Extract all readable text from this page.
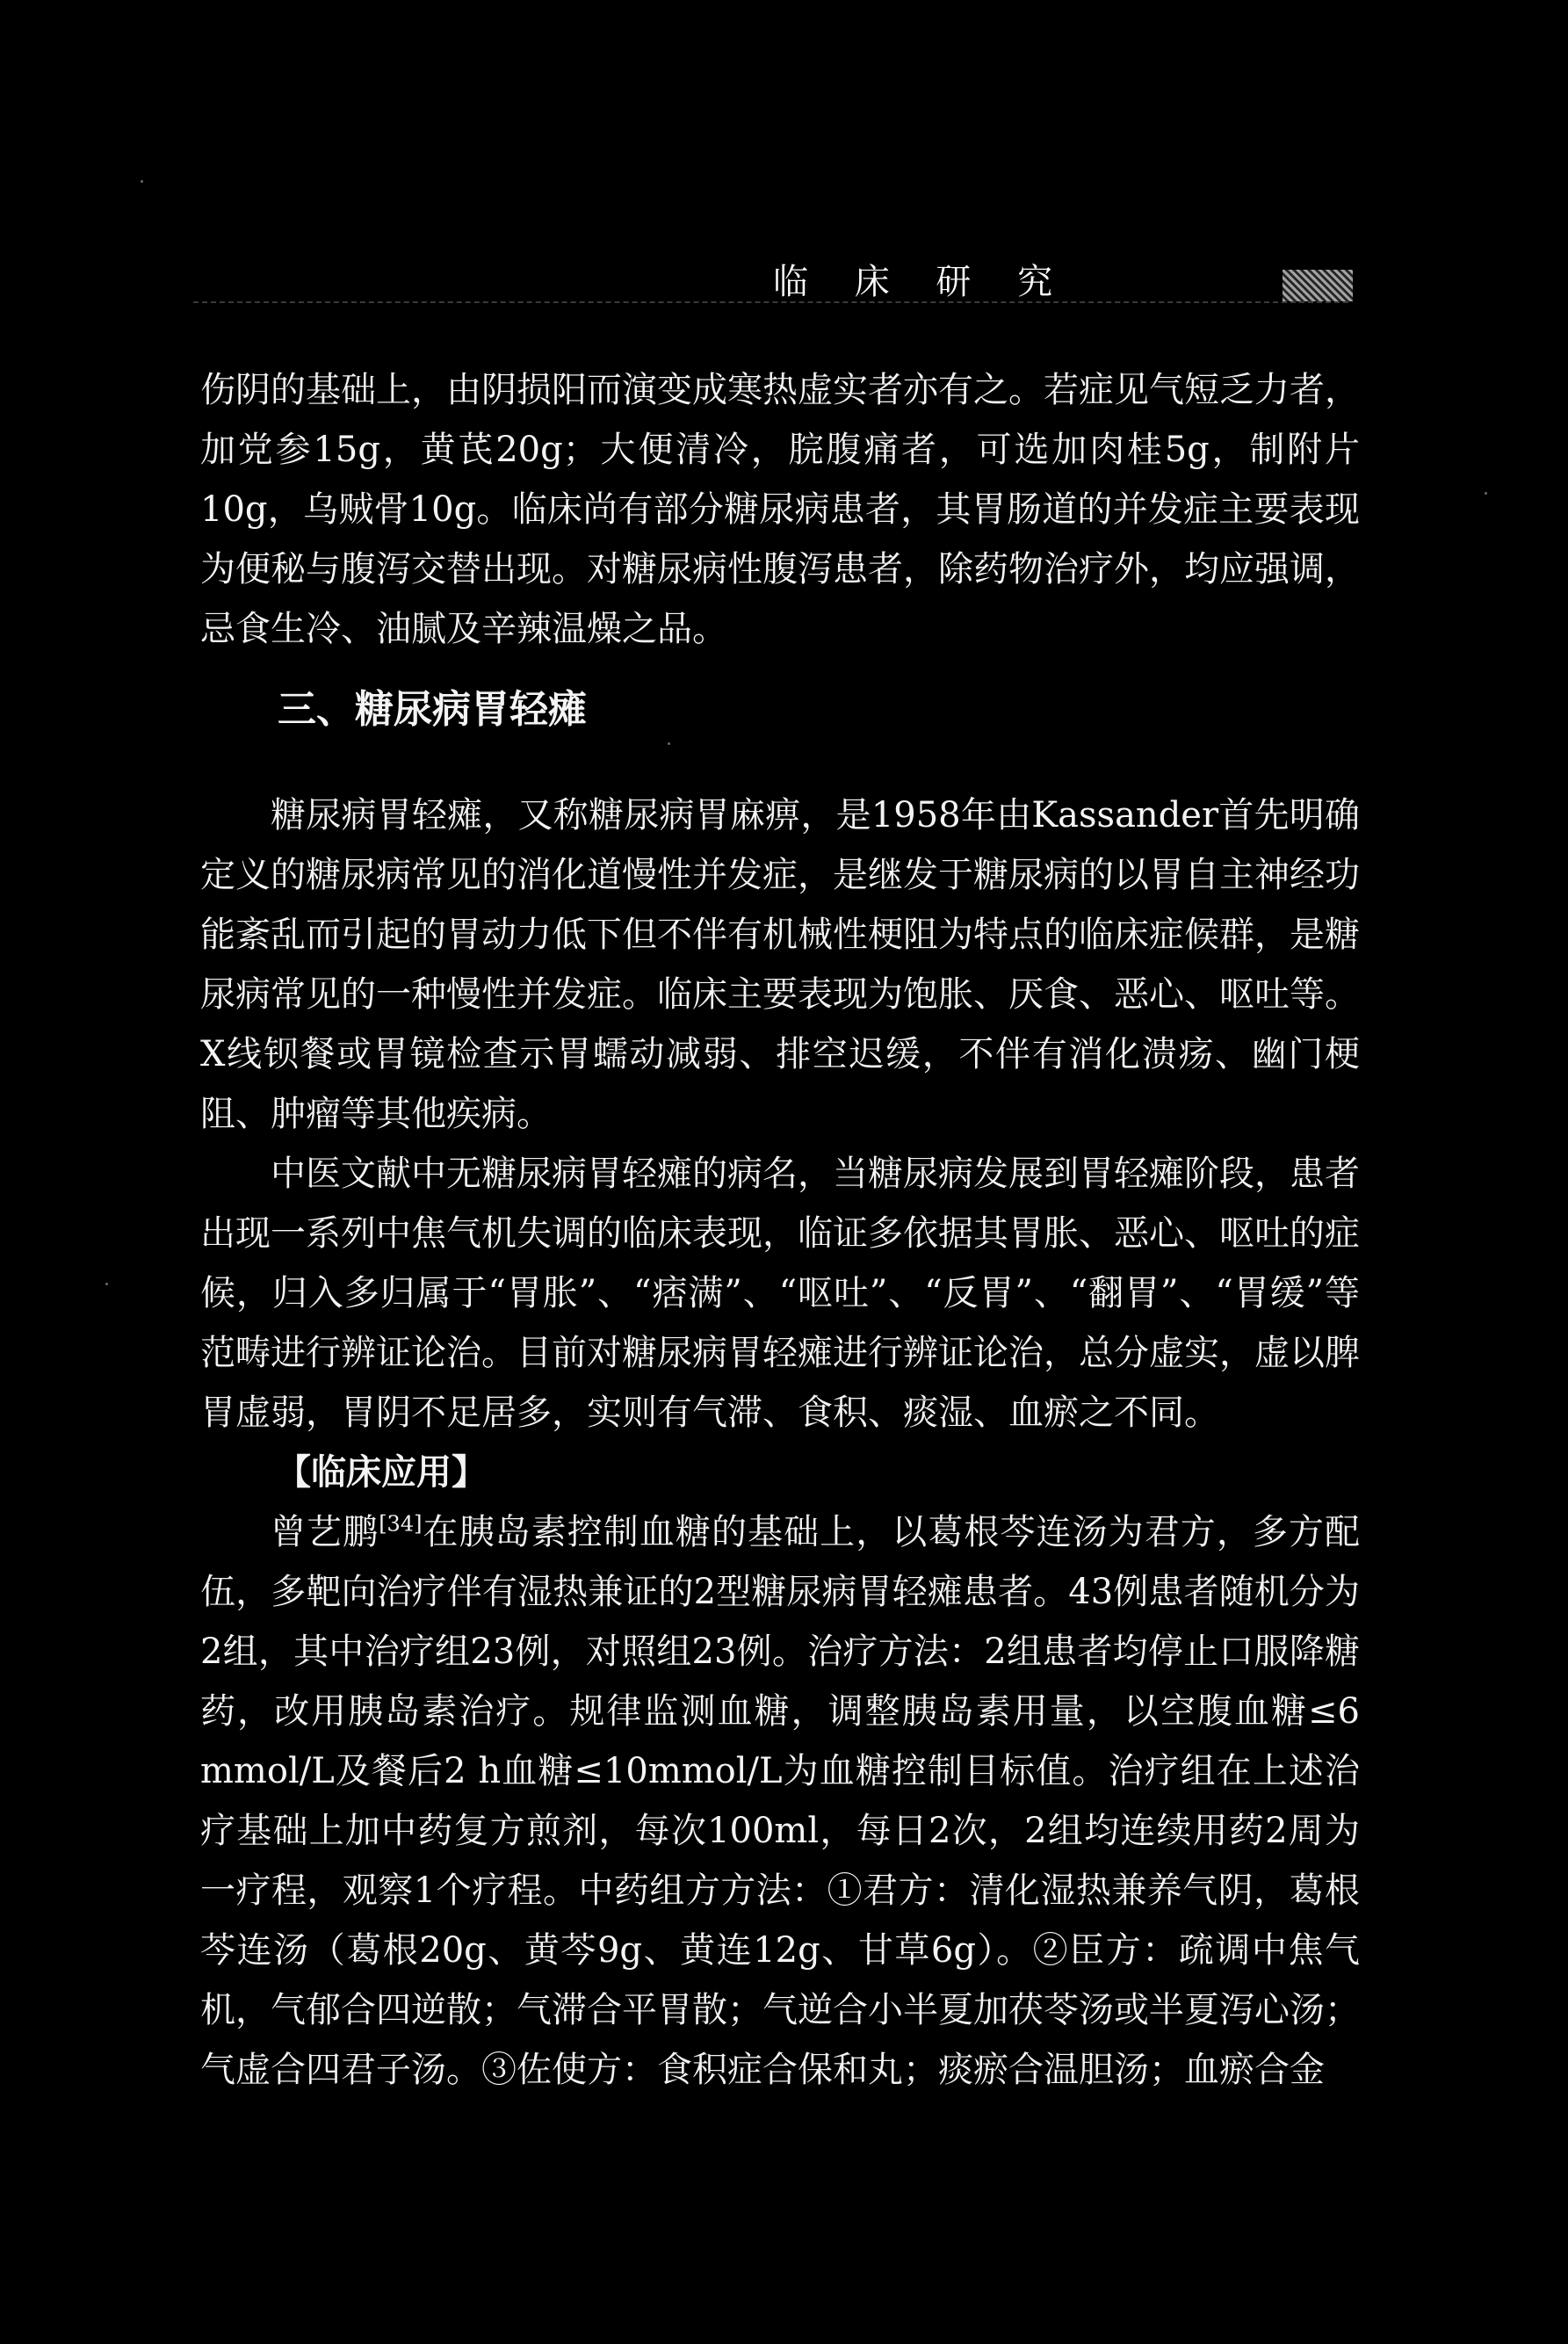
临 床 研 究

伤阴的基础上，由阴损阳而演变成寒热虚实者亦有之。若症见气短乏力者，加党参15g，黄芪20g；大便清冷，脘腹痛者，可选加肉桂5g，制附片10g，乌贼骨10g。临床尚有部分糖尿病患者，其胃肠道的并发症主要表现为便秘与腹泻交替出现。对糖尿病性腹泻患者，除药物治疗外，均应强调，忌食生冷、油腻及辛辣温燥之品。

三、糖尿病胃轻瘫

糖尿病胃轻瘫，又称糖尿病胃麻痹，是1958年由Kassander首先明确定义的糖尿病常见的消化道慢性并发症，是继发于糖尿病的以胃自主神经功能紊乱而引起的胃动力低下但不伴有机械性梗阻为特点的临床症候群，是糖尿病常见的一种慢性并发症。临床主要表现为饱胀、厌食、恶心、呕吐等。X线钡餐或胃镜检查示胃蠕动减弱、排空迟缓，不伴有消化溃疡、幽门梗阻、肿瘤等其他疾病。

中医文献中无糖尿病胃轻瘫的病名，当糖尿病发展到胃轻瘫阶段，患者出现一系列中焦气机失调的临床表现，临证多依据其胃胀、恶心、呕吐的症候，归入多归属于“胃胀”、“痞满”、“呕吐”、“反胃”、“翻胃”、“胃缓”等范畴进行辨证论治。目前对糖尿病胃轻瘫进行辨证论治，总分虚实，虚以脾胃虚弱，胃阴不足居多，实则有气滞、食积、痰湿、血瘀之不同。

【临床应用】

曾艺鹏[34]在胰岛素控制血糖的基础上，以葛根芩连汤为君方，多方配伍，多靶向治疗伴有湿热兼证的2型糖尿病胃轻瘫患者。43例患者随机分为2组，其中治疗组23例，对照组23例。治疗方法：2组患者均停止口服降糖药，改用胰岛素治疗。规律监测血糖，调整胰岛素用量，以空腹血糖≤6 mmol/L及餐后2 h血糖≤10mmol/L为血糖控制目标值。治疗组在上述治疗基础上加中药复方煎剂，每次100ml，每日2次，2组均连续用药2周为一疗程，观察1个疗程。中药组方方法：①君方：清化湿热兼养气阴，葛根芩连汤（葛根20g、黄芩9g、黄连12g、甘草6g）。②臣方：疏调中焦气机，气郁合四逆散；气滞合平胃散；气逆合小半夏加茯苓汤或半夏泻心汤；气虚合四君子汤。③佐使方：食积症合保和丸；痰瘀合温胆汤；血瘀合金
